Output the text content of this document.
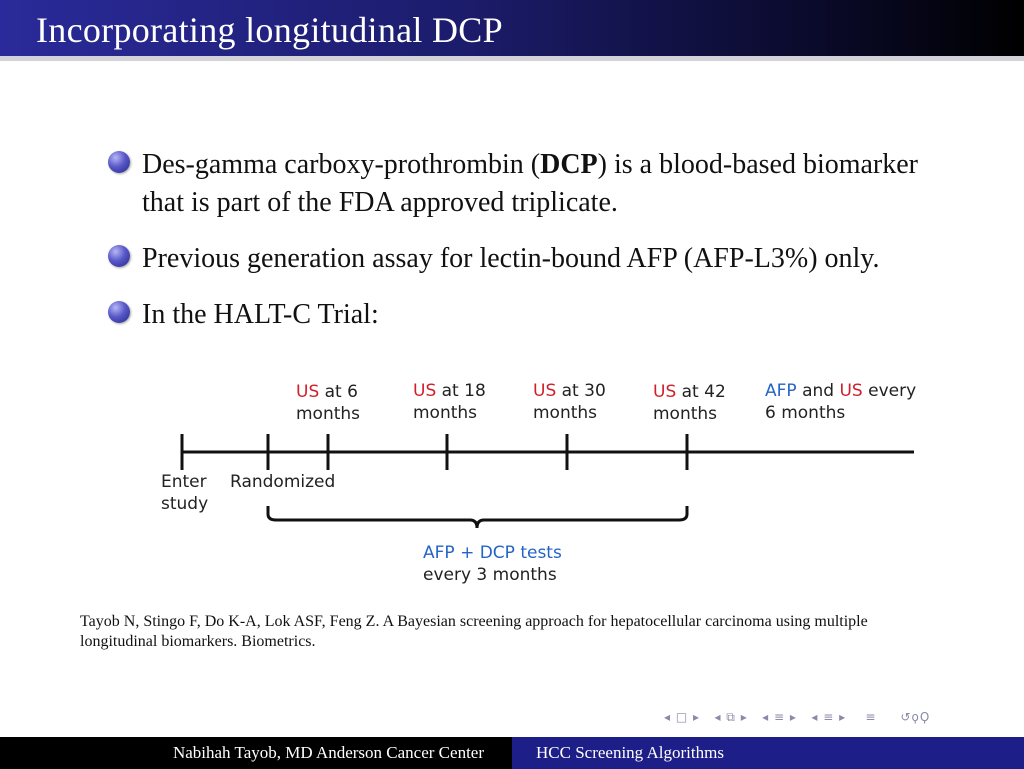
Incorporating longitudinal DCP
Des-gamma carboxy-prothrombin (DCP) is a blood-based biomarker that is part of the FDA approved triplicate.
Previous generation assay for lectin-bound AFP (AFP-L3%) only.
In the HALT-C Trial:
US at 6
months
US at 18
months
US at 30
months
US at 42
months
AFP and US every
6 months
Enter
study
Randomized
AFP + DCP tests
every 3 months
Tayob N, Stingo F, Do K-A, Lok ASF, Feng Z. A Bayesian screening approach for hepatocellular carcinoma using multiple longitudinal biomarkers. Biometrics.
◂ □ ▸ ◂ ⧉ ▸ ◂ ≡ ▸ ◂ ≡ ▸ ≡ ↺ϙϘ
Nabihah Tayob, MD Anderson Cancer Center	HCC Screening Algorithms
